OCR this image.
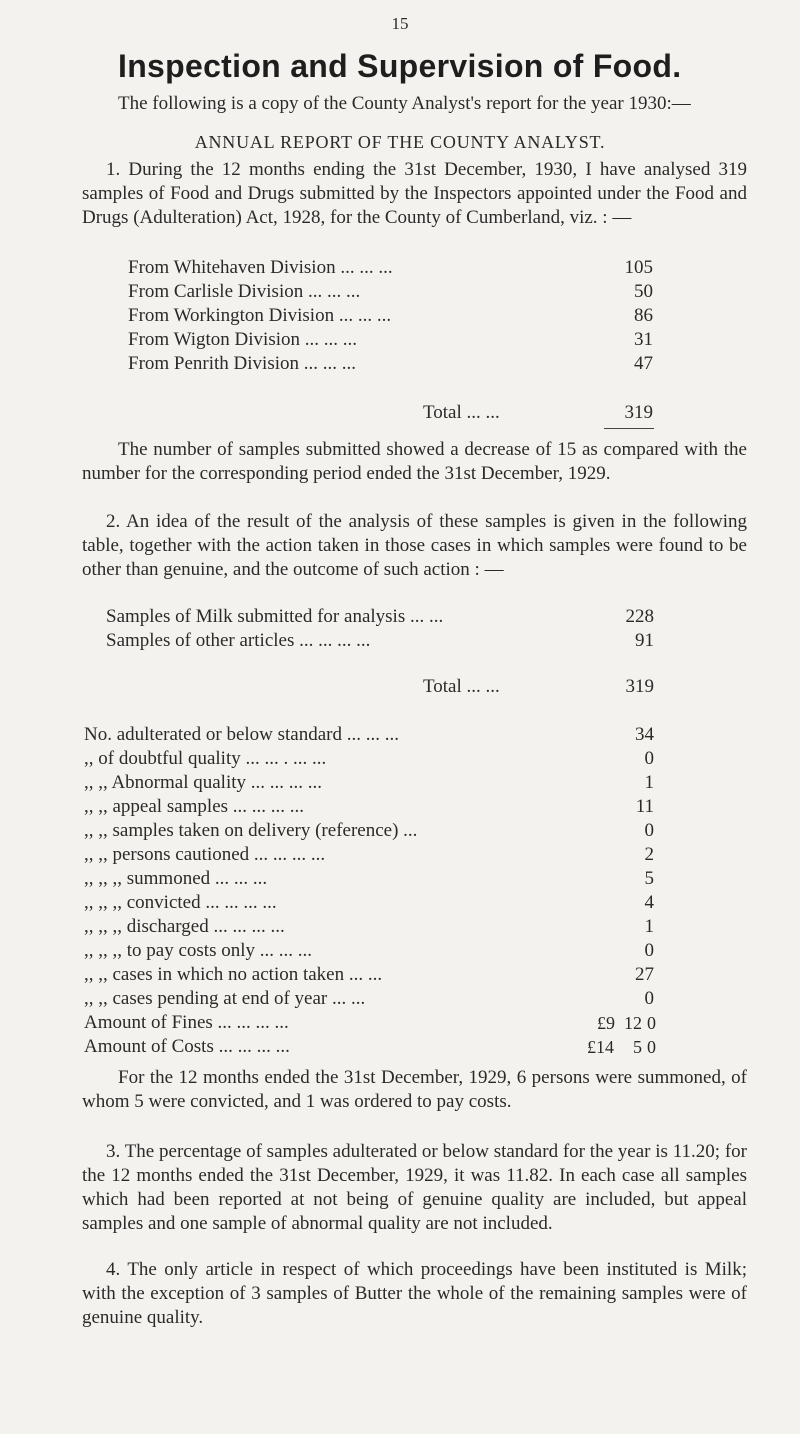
15
Inspection and Supervision of Food.
The following is a copy of the County Analyst's report for the year 1930:—
ANNUAL REPORT OF THE COUNTY ANALYST.
1. During the 12 months ending the 31st December, 1930, I have analysed 319 samples of Food and Drugs submitted by the Inspectors appointed under the Food and Drugs (Adulteration) Act, 1928, for the County of Cumberland, viz. : —
From Whitehaven Division ... ... ...	105
From Carlisle Division ... ... ...	50
From Workington Division ... ... ...	86
From Wigton Division ... ... ...	31
From Penrith Division ... ... ...	47
Total ... ...	319
The number of samples submitted showed a decrease of 15 as compared with the number for the corresponding period ended the 31st December, 1929.
2. An idea of the result of the analysis of these samples is given in the following table, together with the action taken in those cases in which samples were found to be other than genuine, and the outcome of such action : —
Samples of Milk submitted for analysis ... ...	228
Samples of other articles ... ... ... ...	91
Total ... ...	319
No. adulterated or below standard ... ... ...	34
,, of doubtful quality ... ... . ... ...	0
,, ,, Abnormal quality ... ... ... ...	1
,, ,, appeal samples ... ... ... ...	11
,, ,, samples taken on delivery (reference) ...	0
,, ,, persons cautioned ... ... ... ...	2
,, ,, ,, summoned ... ... ...	5
,, ,, ,, convicted ... ... ... ...	4
,, ,, ,, discharged ... ... ... ...	1
,, ,, ,, to pay costs only ... ... ...	0
,, ,, cases in which no action taken ... ...	27
,, ,, cases pending at end of year ... ...	0
Amount of Fines ... ... ... ...	£9 12 0
Amount of Costs ... ... ... ...	£14	5 0
For the 12 months ended the 31st December, 1929, 6 persons were summoned, of whom 5 were convicted, and 1 was ordered to pay costs.
3. The percentage of samples adulterated or below standard for the year is 11.20; for the 12 months ended the 31st December, 1929, it was 11.82. In each case all samples which had been reported at not being of genuine quality are included, but appeal samples and one sample of abnormal quality are not included.
4. The only article in respect of which proceedings have been instituted is Milk; with the exception of 3 samples of Butter the whole of the remaining samples were of genuine quality.
